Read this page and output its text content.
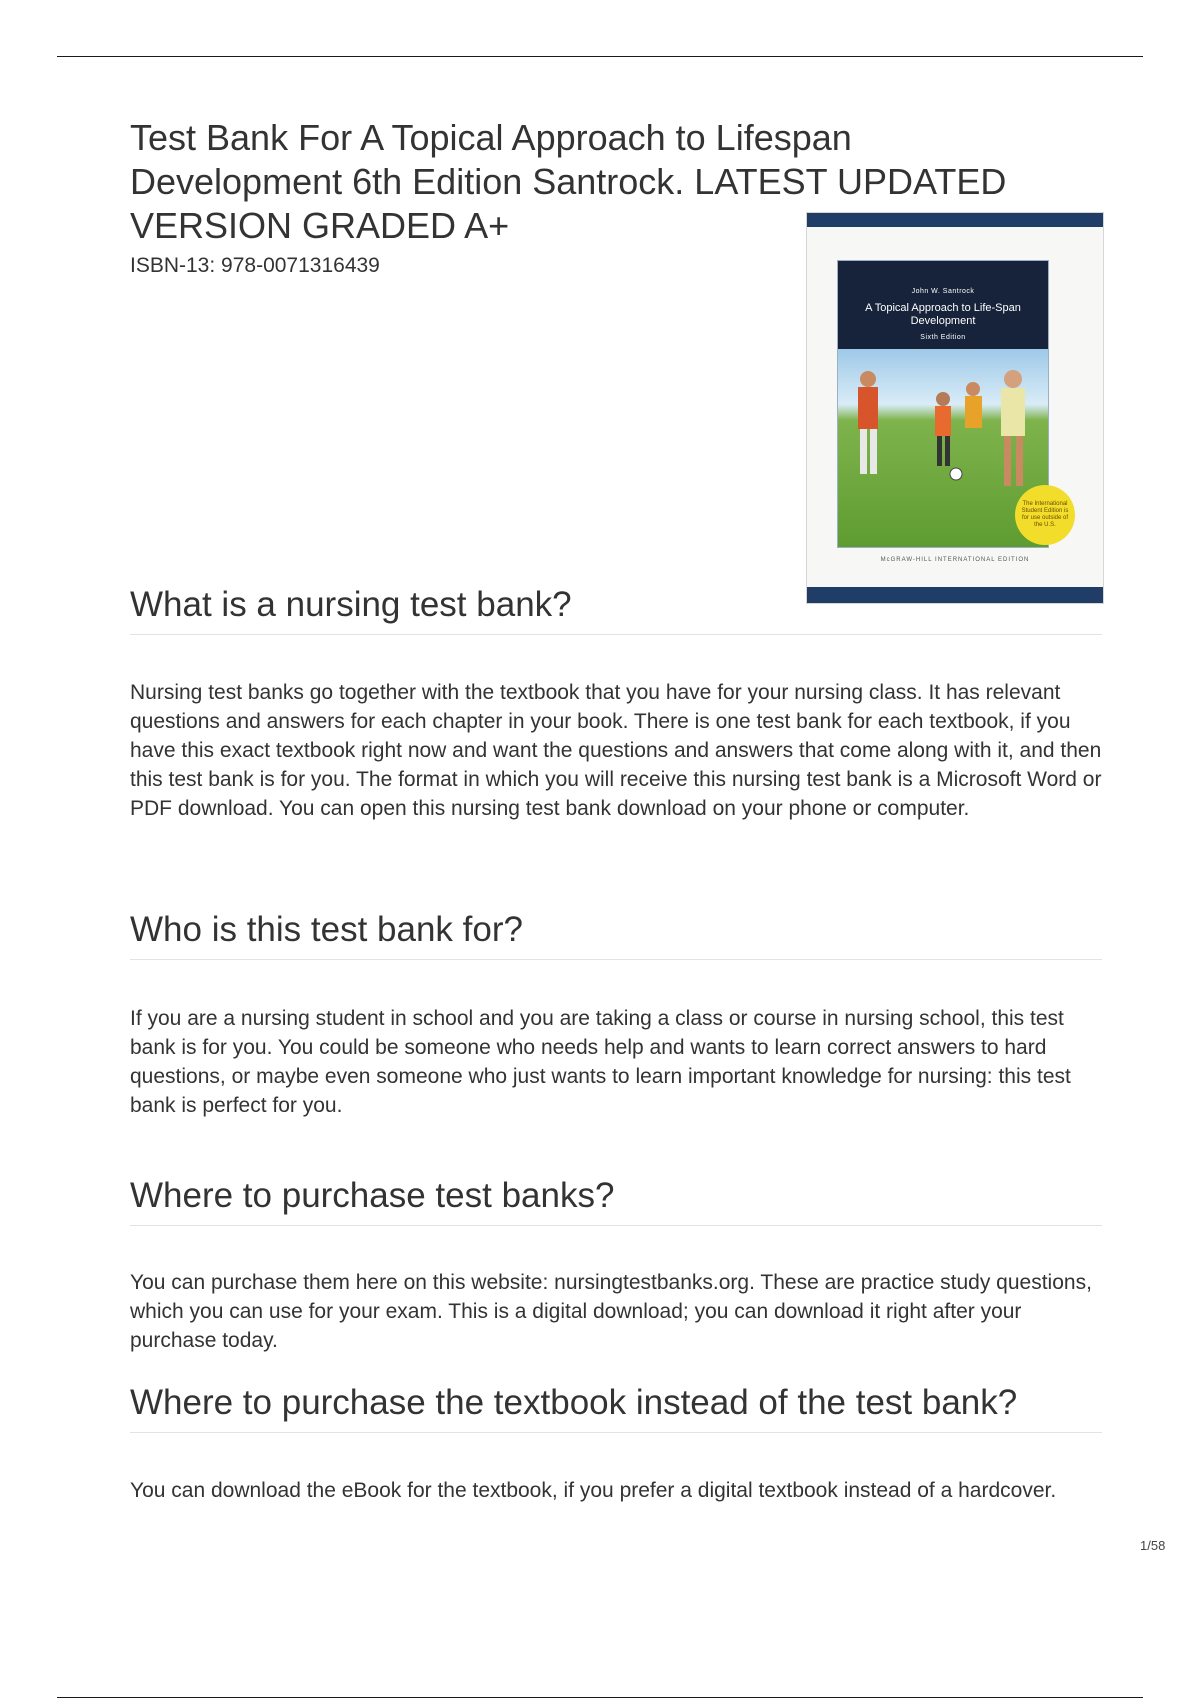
Test Bank For A Topical Approach to Lifespan Development 6th Edition Santrock. LATEST UPDATED VERSION GRADED A+
ISBN-13: 978-0071316439
John W. Santrock
A Topical Approach to Life-Span Development
Sixth Edition
The International Student Edition is for use outside of the U.S.
McGRAW-HILL INTERNATIONAL EDITION
What is a nursing test bank?

Nursing test banks go together with the textbook that you have for your nursing class. It has relevant questions and answers for each chapter in your book. There is one test bank for each textbook, if you have this exact textbook right now and want the questions and answers that come along with it, and then this test bank is for you. The format in which you will receive this nursing test bank is a Microsoft Word or PDF download. You can open this nursing test bank download on your phone or computer.

Who is this test bank for?

If you are a nursing student in school and you are taking a class or course in nursing school, this test bank is for you. You could be someone who needs help and wants to learn correct answers to hard questions, or maybe even someone who just wants to learn important knowledge for nursing: this test bank is perfect for you.

Where to purchase test banks?

You can purchase them here on this website: nursingtestbanks.org. These are practice study questions, which you can use for your exam. This is a digital download; you can download it right after your purchase today.

Where to purchase the textbook instead of the test bank?

You can download the eBook for the textbook, if you prefer a digital textbook instead of a hardcover.

1/58
